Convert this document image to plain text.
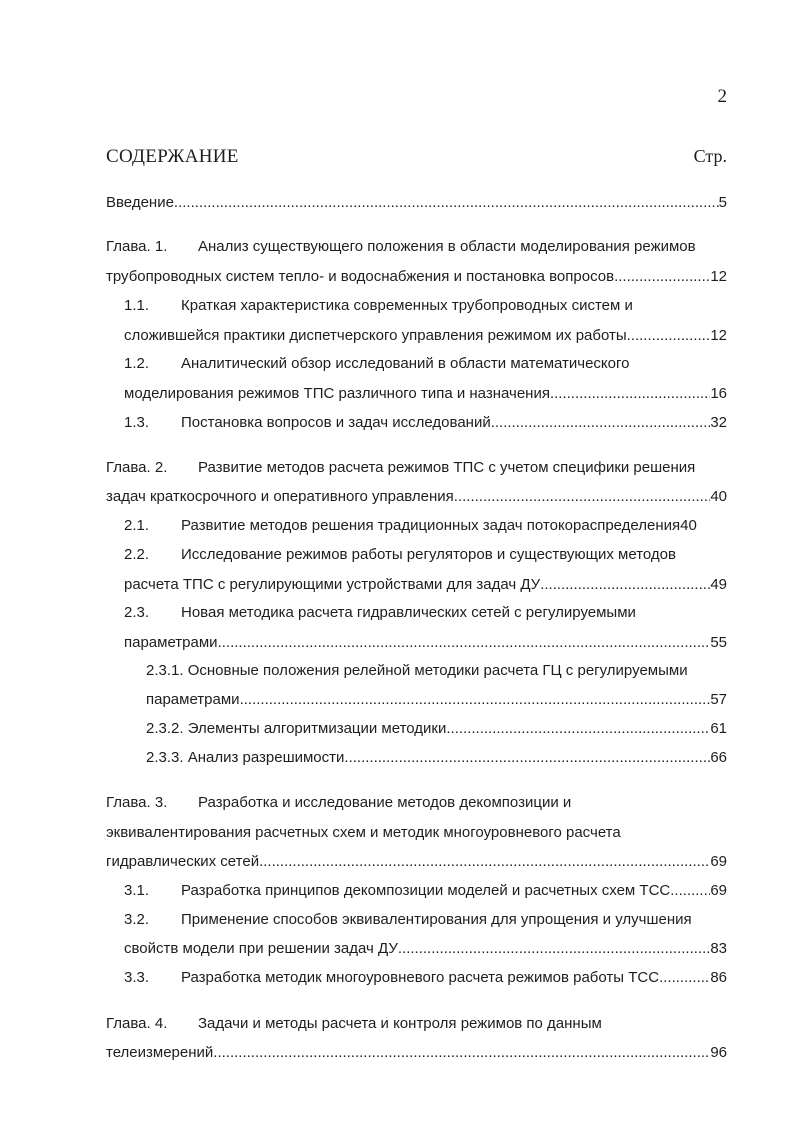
2
СОДЕРЖАНИЕ	Стр.
Введение .....	5
Глава. 1. Анализ существующего положения в области моделирования режимов
трубопроводных систем тепло- и водоснабжения и постановка вопросов .....	12
1.1. Краткая характеристика современных трубопроводных систем и
сложившейся практики диспетчерского управления режимом их работы .....	12
1.2. Аналитический обзор исследований в области математического
моделирования режимов ТПС различного типа и назначения .....	16
1.3. Постановка вопросов и задач исследований .....	32
Глава. 2. Развитие методов расчета режимов ТПС с учетом специфики решения
задач краткосрочного и оперативного управления .....	40
2.1. Развитие методов решения традиционных задач потокораспределения 40
2.2. Исследование режимов работы регуляторов и существующих методов
расчета ТПС с регулирующими устройствами для задач ДУ .....	49
2.3. Новая методика расчета гидравлических сетей с регулируемыми
параметрами .....	55
2.3.1. Основные положения релейной методики расчета ГЦ с регулируемыми
параметрами .....	57
2.3.2. Элементы алгоритмизации методики. .....	61
2.3.3. Анализ разрешимости. .....	66
Глава. 3. Разработка и исследование методов декомпозиции и
эквивалентирования расчетных схем и методик многоуровневого расчета
гидравлических сетей .....	69
3.1. Разработка принципов декомпозиции моделей и расчетных схем ТСС .....	69
3.2. Применение способов эквивалентирования для упрощения и улучшения
свойств модели при решении задач ДУ .....	83
3.3. Разработка методик многоуровневого расчета режимов работы ТСС .....	86
Глава. 4. Задачи и методы расчета и контроля режимов по данным
телеизмерений .....	96
